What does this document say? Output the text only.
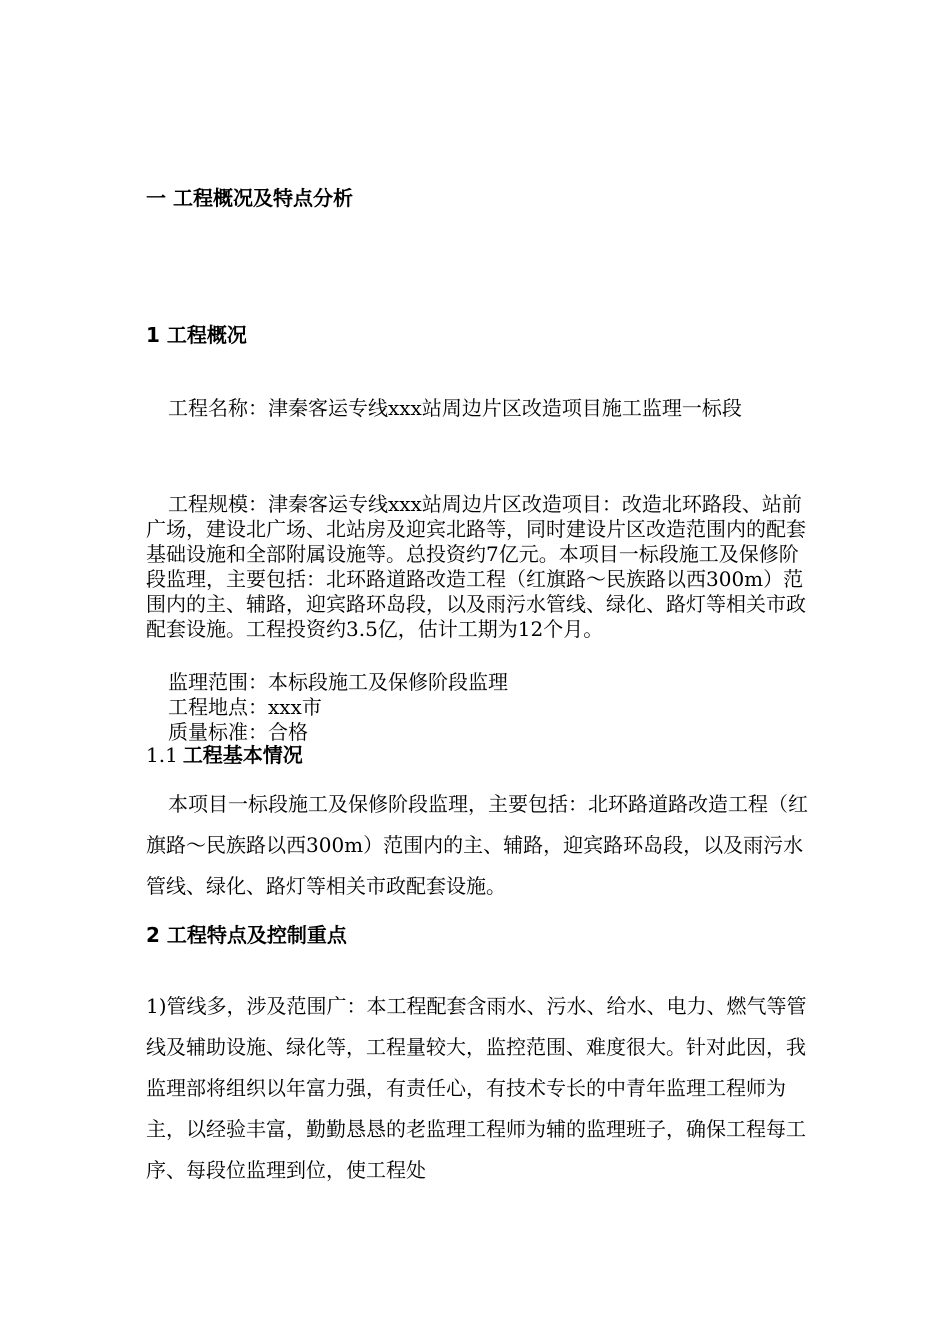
一 工程概况及特点分析
1 工程概况

工程名称：津秦客运专线xxx站周边片区改造项目施工监理一标段

工程规模：津秦客运专线xxx站周边片区改造项目：改造北环路段、站前广场，建设北广场、北站房及迎宾北路等，同时建设片区改造范围内的配套基础设施和全部附属设施等。总投资约7亿元。本项目一标段施工及保修阶段监理，主要包括：北环路道路改造工程（红旗路～民族路以西300m）范围内的主、辅路，迎宾路环岛段，以及雨污水管线、绿化、路灯等相关市政配套设施。工程投资约3.5亿，估计工期为12个月。

监理范围：本标段施工及保修阶段监理
工程地点：xxx市
质量标准：合格
1.1 工程基本情况

本项目一标段施工及保修阶段监理，主要包括：北环路道路改造工程（红旗路～民族路以西300m）范围内的主、辅路，迎宾路环岛段，以及雨污水管线、绿化、路灯等相关市政配套设施。

2 工程特点及控制重点

1)管线多，涉及范围广：本工程配套含雨水、污水、给水、电力、燃气等管线及辅助设施、绿化等，工程量较大，监控范围、难度很大。针对此因，我监理部将组织以年富力强，有责任心，有技术专长的中青年监理工程师为主，以经验丰富，勤勤恳恳的老监理工程师为辅的监理班子，确保工程每工序、每段位监理到位，使工程处
